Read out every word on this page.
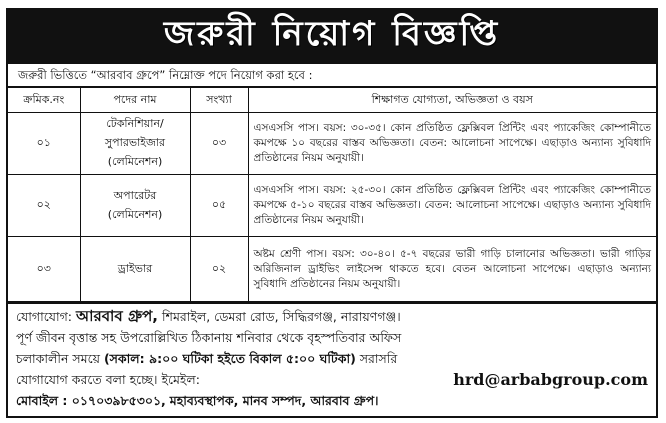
জরুরী নিয়োগ বিজ্ঞপ্তি
জরুরী ভিত্তিতে “আরবাব গ্রুপে” নিম্নোক্ত পদে নিয়োগ করা হবে :
ক্রমিক.নং	পদের নাম	সংখ্যা	শিক্ষাগত যোগ্যতা, অভিজ্ঞতা ও বয়স
০১	টেকনিশিয়ান/ সুপারভাইজার (লেমিনেশন)	০৩	এসএসসি পাস। বয়স: ৩০-৩৫। কোন প্রতিষ্ঠিত ফ্লেক্সিবল প্রিন্টিং এবং প্যাকেজিং কোম্পানীতে কমপক্ষে ১০ বছরের বাস্তব অভিজ্ঞতা। বেতন: আলোচনা সাপেক্ষে। এছাড়াও অন্যান্য সুবিধাদি প্রতিষ্ঠানের নিয়ম অনুযায়ী।
০২	অপারেটর (লেমিনেশন)	০৫	এসএসসি পাস। বয়স: ২৫-৩০। কোন প্রতিষ্ঠিত ফ্লেক্সিবল প্রিন্টিং এবং প্যাকেজিং কোম্পানীতে কমপক্ষে ৫-১০ বছরের বাস্তব অভিজ্ঞতা। বেতন: আলোচনা সাপেক্ষে। এছাড়াও অন্যান্য সুবিধাদি প্রতিষ্ঠানের নিয়ম অনুযায়ী।
০৩	ড্রাইভার	০২	অষ্টম শ্রেণী পাস। বয়স: ৩০-৪০। ৫-৭ বছরের ভারী গাড়ি চালানোর অভিজ্ঞতা। ভারী গাড়ির অরিজিনাল ড্রাইভিং লাইসেন্স থাকতে হবে। বেতন আলোচনা সাপেক্ষে। এছাড়াও অন্যান্য সুবিধাদি প্রতিষ্ঠানের নিয়ম অনুযায়ী।
যোগাযোগ: আরবাব গ্রুপ, শিমরাইল, ডেমরা রোড, সিদ্ধিরগঞ্জ, নারায়ণগঞ্জ।
পূর্ণ জীবন বৃত্তান্ত সহ উপরোল্লিখিত ঠিকানায় শনিবার থেকে বৃহস্পতিবার অফিস
চলাকালীন সময়ে (সকাল: ৯:০০ ঘটিকা হইতে বিকাল ৫:০০ ঘটিকা) সরাসরি
যোগাযোগ করতে বলা হচ্ছে। ইমেইল:	hrd@arbabgroup.com
মোবাইল : ০১৭০৩৯৮৫৩০১, মহাব্যবস্থাপক, মানব সম্পদ, আরবাব গ্রুপ।
